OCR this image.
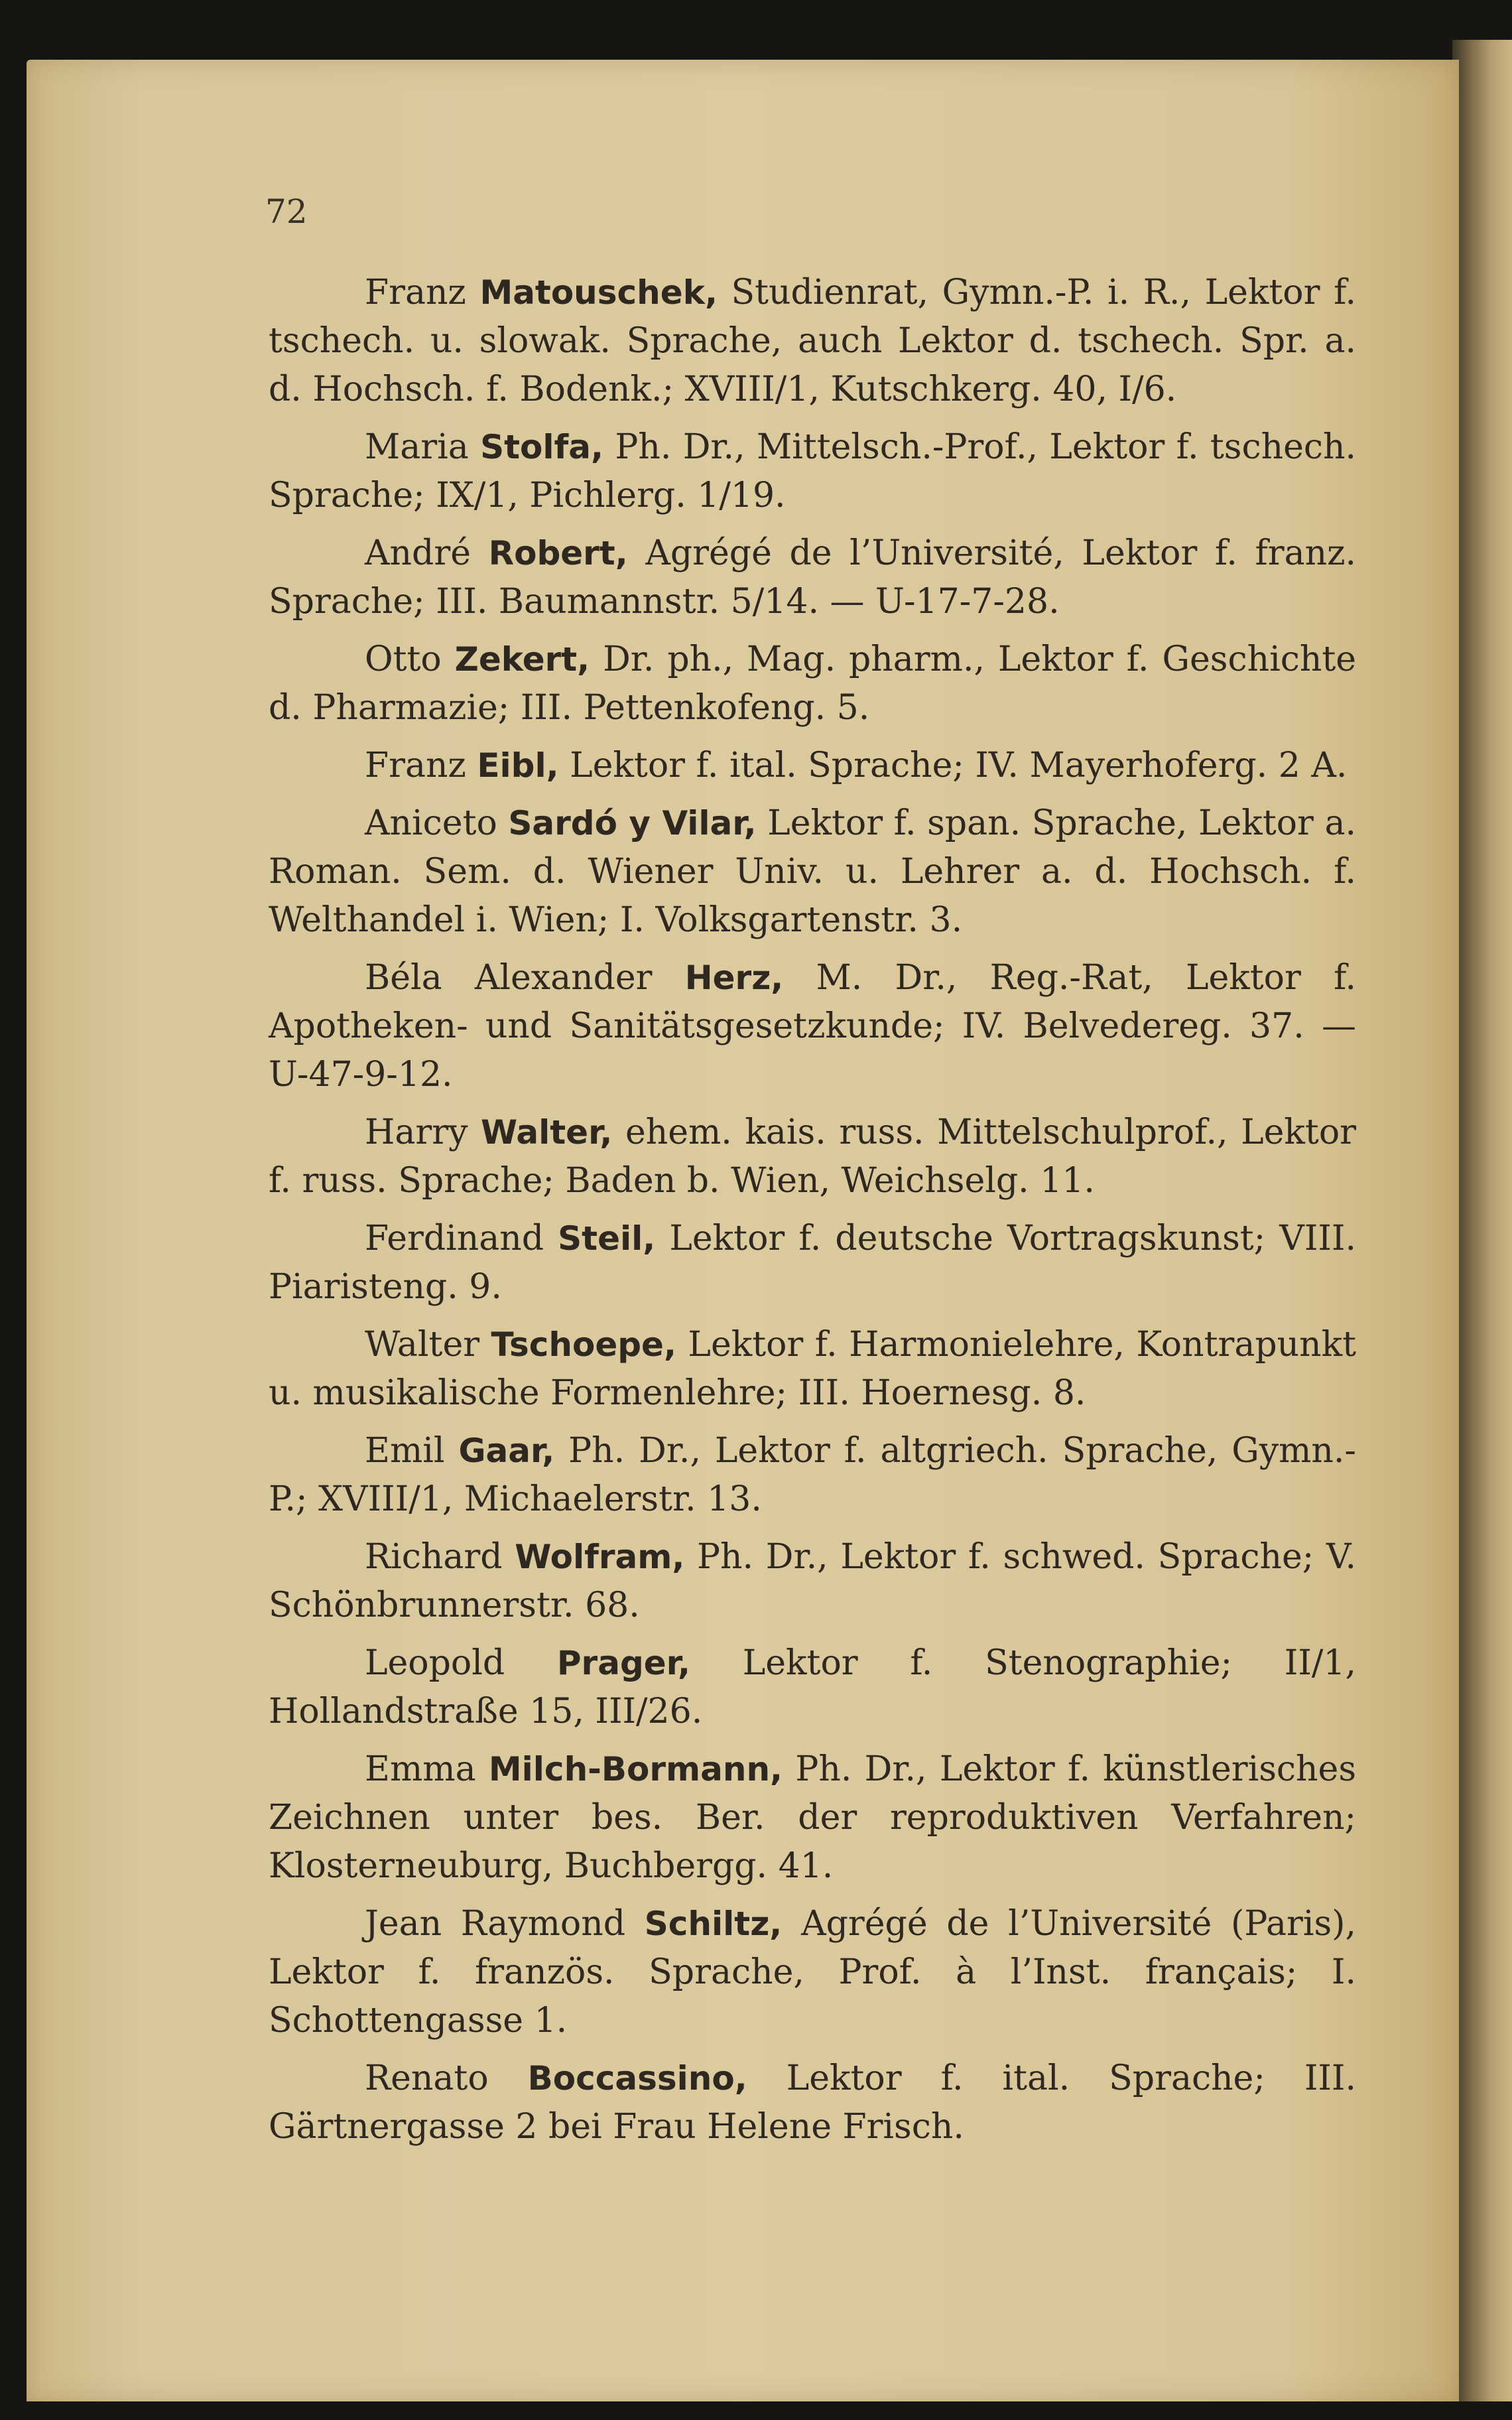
72

Franz Matouschek, Studienrat, Gymn.-P. i. R., Lektor f. tschech. u. slowak. Sprache, auch Lektor d. tschech. Spr. a. d. Hochsch. f. Bodenk.; XVIII/1, Kutschkerg. 40, I/6.

Maria Stolfa, Ph. Dr., Mittelsch.-Prof., Lektor f. tschech. Sprache; IX/1, Pichlerg. 1/19.

André Robert, Agrégé de l’Université, Lektor f. franz. Sprache; III. Baumannstr. 5/14. — U-17-7-28.

Otto Zekert, Dr. ph., Mag. pharm., Lektor f. Geschichte d. Pharmazie; III. Pettenkofeng. 5.

Franz Eibl, Lektor f. ital. Sprache; IV. Mayerhoferg. 2 A.

Aniceto Sardó y Vilar, Lektor f. span. Sprache, Lektor a. Roman. Sem. d. Wiener Univ. u. Lehrer a. d. Hochsch. f. Welthandel i. Wien; I. Volksgartenstr. 3.

Béla Alexander Herz, M. Dr., Reg.-Rat, Lektor f. Apotheken- und Sanitätsgesetzkunde; IV. Belvedereg. 37. — U-47-9-12.

Harry Walter, ehem. kais. russ. Mittelschulprof., Lektor f. russ. Sprache; Baden b. Wien, Weichselg. 11.

Ferdinand Steil, Lektor f. deutsche Vortragskunst; VIII. Piaristeng. 9.

Walter Tschoepe, Lektor f. Harmonielehre, Kontrapunkt u. musikalische Formenlehre; III. Hoernesg. 8.

Emil Gaar, Ph. Dr., Lektor f. altgriech. Sprache, Gymn.-P.; XVIII/1, Michaelerstr. 13.

Richard Wolfram, Ph. Dr., Lektor f. schwed. Sprache; V. Schönbrunnerstr. 68.

Leopold Prager, Lektor f. Stenographie; II/1, Hollandstraße 15, III/26.

Emma Milch-Bormann, Ph. Dr., Lektor f. künstlerisches Zeichnen unter bes. Ber. der reproduktiven Verfahren; Klosterneuburg, Buchbergg. 41.

Jean Raymond Schiltz, Agrégé de l’Université (Paris), Lektor f. französ. Sprache, Prof. à l’Inst. français; I. Schottengasse 1.

Renato Boccassino, Lektor f. ital. Sprache; III. Gärtnergasse 2 bei Frau Helene Frisch.
